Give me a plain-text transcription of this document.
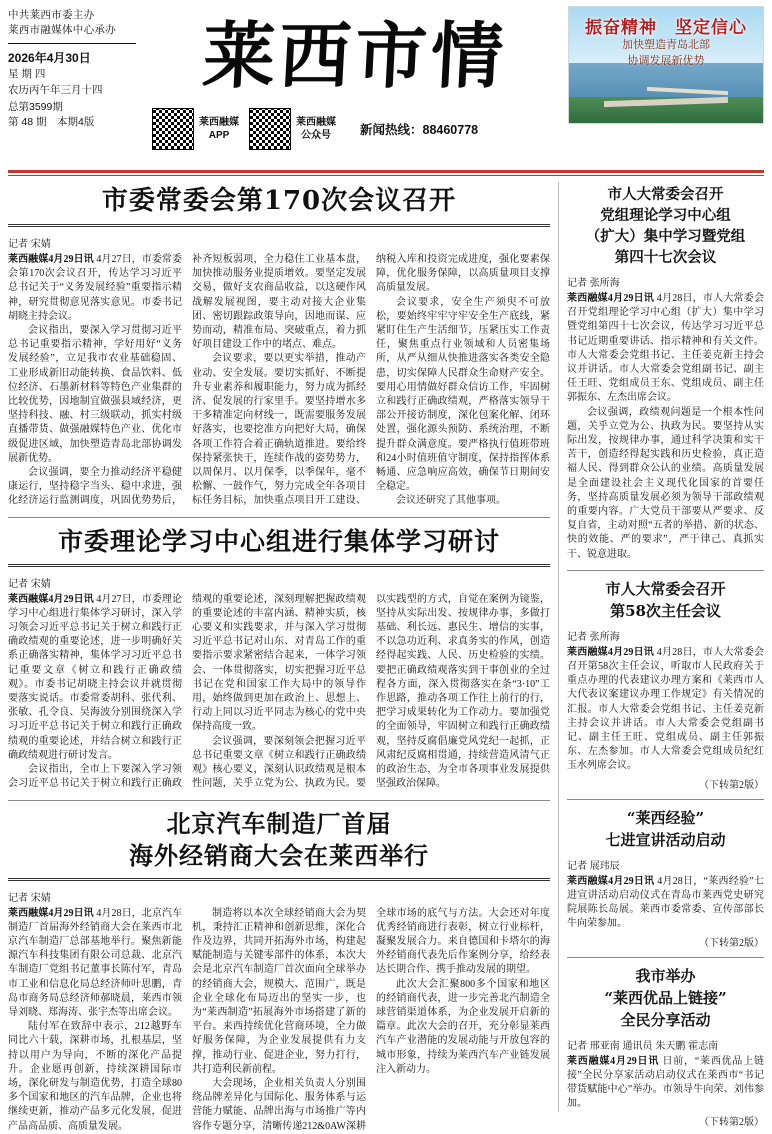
中共莱西市委主办
莱西市融媒体中心承办
2026年4月30日
星 期 四
农历丙午年三月十四
总第3599期
第 48 期　本期4版
莱西市情
莱西融媒
APP
莱西融媒
公众号	新闻热线：88460778
振奋精神　坚定信心
加快塑造青岛北部
协调发展新优势
市委常委会第170次会议召开
记者 宋婧

莱西融媒4月29日讯 4月27日，市委常委会第170次会议召开，传达学习习近平总书记关于“义务发展经验”重要指示精神，研究贯彻意见落实意见。市委书记胡晓主持会议。

会议指出，要深入学习贯彻习近平总书记重要指示精神，学好用好“义务发展经验”，立足我市农业基础稳固、工业形成新旧动能转换、食品饮料、低位经济、石墨新材料等特色产业集群的比较优势，因地制宜做强县域经济，更坚持科技、融、村三级联动，抓实村级直播带货、做强融媒特色产业、优化市级促进区域，加快塑造青岛北部协调发展新优势。

会议强调，要全力推动经济平稳健康运行，坚持稳字当头、稳中求进，强化经济运行监测调度，巩固优势势后，补齐短板弱项，全力稳住工业基本盘，加快推动服务业提质增效。要坚定发展交易，做好支农商品收益，以这硬作风战解发展视图，要主动对接大企业集团、密切跟踪政策导向，因地而谋、应势而动，精准布局、突破重点，着力抓好项目建设工作中的堵点、难点。

会议要求，要以更实举措，推动产业动、安全发展。要切实抓好、不断提升专业素养和履职能力，努力成为抓经济、促发展的行家里手。要坚持增水多干多精准定向材线一，既需要服务发展好落实，也要挖准方向把好大局，确保各项工作符合着正确轨道推进。要给终保持紧张快干，连续作战的姿势势力，以周保月、以月保季，以季保年，毫不松懈、一鼓作气，努力完成全年各项目标任务目标，加快重点项目开工建设、纳税入库和投资完成进度，强化要素保障，优化服务保障，以高质量项目支撑高质量发展。

会议要求，安全生产须臾不可放松，要始终牢牢守牢安全生产底线，紧紧盯住生产生活细节，压紧压实工作责任，聚焦重点行业领域和人员密集场所，从严从细从快推进落实各类安全隐患，切实保障人民群众生命财产安全。要用心用情做好群众信访工作，牢固树立和践行正确政绩观，严格落实领导干部公开接访制度，深化包案化解、闭环处置，强化源头预防、系统治理，不断提升群众满意度。要严格执行值班带班和24小时值班值守制度，保持指挥体系畅通、应急响应高效，确保节日期间安全稳定。

会议还研究了其他事项。

市委理论学习中心组进行集体学习研讨
记者 宋婧

莱西融媒4月29日讯 4月27日，市委理论学习中心组进行集体学习研讨，深入学习领会习近平总书记关于树立和践行正确政绩观的重要论述，进一步明确好关系正确落实精神，集体学习习近平总书记重要文章《树立和践行正确政绩观》。市委书记胡晓主持会议并就贯彻要落实说话。市委常委胡科、张代利、张敏、孔令良、吴海波分别围绕深入学习习近平总书记关于树立和践行正确政绩观的重要论述，并结合树立和践行正确政绩观进行研讨发言。

会议指出，全市上下要深入学习领会习近平总书记关于树立和践行正确政绩观的重要论述，深刻理解把握政绩观的重要论述的丰富内涵、精神实质，核心要义和实践要求，并与深入学习贯彻习近平总书记对山东、对青岛工作的重要指示要求紧密结合起来，一体学习领会、一体贯彻落实，切实把握习近平总书记在党和国家工作大局中的领导作用，始终做到更加在政治上、思想上、行动上同以习近平同志为核心的党中央保持高度一致。

会议强调，要深刻领会把握习近平总书记重要文章《树立和践行正确政绩观》核心要义，深刻认识政绩观是根本性问题，关乎立党为公、执政为民。要以实践型的方式，自觉在案例为镜鉴，坚持从实际出发、按规律办事，多做打基础、利长远、惠民生、增信的实事，不以急功近利、求真务实的作风，创造经得起实践、人民、历史检验的实绩。要把正确政绩观落实到干事创业的全过程各方面，深入贯彻落实在条“3·10”工作思路，推动各项工作往上前行的行，把学习成果转化为工作动力。要加强党的全面领导，牢固树立和践行正确政绩观，坚持反腐倡廉党风党纪一起抓，正风肃纪反腐相贯通，持续营造风清气正的政治生态，为全市各项事业发展提供坚强政治保障。

北京汽车制造厂首届
海外经销商大会在莱西举行
记者 宋婧

莱西融媒4月29日讯 4月28日，北京汽车制造厂首届海外经销商大会在莱西市北京汽车制造厂总部基地举行。聚焦新能源汽车科技集团有限公司总裁、北京汽车制造厂党组书记董事长陈付军，青岛市工业和信息化局总经济师叶思鹏，青岛市商务局总经济师郝晓晨，莱西市领导刘晓、郑海涛、张宇杰等出席会议。

陆付军在致辞中表示，212越野车同比六十载，深耕市场，扎根基层，坚持以用户为导向，不断的深化产品提升。企业愿再创新，持续深耕国际市场，深化研发与制造优势，打造全球80多个国家和地区的汽车品牌，企业也将继续更新，推动产品多元化发展，促进产品高品质、高质量发展。

制造将以本次全球经销商大会为契机，秉持汇正精神和创新思维，深化合作及边界，共同开拓海外市场，构建起赋能制造与关键零部件的体系，本次大会是北京汽车制造厂首次面向全球举办的经销商大会，规模大、范围广，既是企业全球化布局迈出的坚实一步，也为“莱西制造”拓展海外市场搭建了新的平台。来西持续优化营商环境，全力做好服务保障，为企业发展提供有力支撑，推动行业、促进企业，努力打行，共打造利民新前程。

大会现场，企业相关负责人分别围绕品牌差异化与国际化、服务体系与运营能力赋能、品牌出海与市场推广等内容作专题分享，清晰传递212&0AW深耕全球市场的底气与方法。大会还对年度优秀经销商进行表彰，树立行业标杆，凝聚发展合力。来自德国和卡塔尔的海外经销商代表先后作案例分享，给经表达长期合作、携手推动发展的期望。

此次大会汇聚800多个国家和地区的经销商代表，进一步完善北汽制造全球营销渠道体系，为企业发展开启新的篇章。此次大会的召开，充分彰显莱西汽车产业潜能的发展动能与开放包容的城市形象，持续为莱西汽车产业链发展注入新动力。

市人大常委会召开
党组理论学习中心组
（扩大）集中学习暨党组
第四十七次会议
记者 张所海

莱西融媒4月29日讯 4月28日，市人大常委会召开党组理论学习中心组（扩大）集中学习暨党组第四十七次会议，传达学习习近平总书记近期重要讲话、指示精神和有关文件。市人大常委会党组书记、主任姜克新主持会议并讲话。市人大常委会党组副书记、副主任王旺、党组成员王东、党组成员、副主任郭振东、左杰出席会议。

会议强调，政绩观问题是一个根本性问题，关乎立党为公、执政为民。要坚持从实际出发，按规律办事，通过科学决策和实干苦干，创造经得起实践和历史检验，真正造福人民、得到群众公认的业绩。高质量发展是全面建设社会主义现代化国家的首要任务，坚持高质量发展必须为领导干部政绩观的重要内容。广大党员干部要从严要求、反复自省，主动对照“五者的举措、新的状态、快的效能、严的要求”，严于律己、真抓实干、锐意进取。

市人大常委会召开
第58次主任会议
记者 张所海

莱西融媒4月29日讯 4月28日，市人大常委会召开第58次主任会议，听取市人民政府关于重点办理的代表建议办理方案和《莱西市人大代表议案建议办理工作规定》有关情况的汇报。市人大常委会党组书记、主任姜克新主持会议并讲话。市人大常委会党组副书记、副主任王旺、党组成员、副主任郭振东、左杰参加。市人大常委会党组成员纪红玉水列席会议。

（下转第2版）
“莱西经验”
七进宣讲活动启动
记者 展玮辰

莱西融媒4月29日讯 4月28日，“莱西经验”七进宣讲活动启动仪式在青岛市莱西党史研究院展陈长岛展。莱西市委常委、宣传部部长牛向荣参加。

（下转第2版）
我市举办
“莱西优品上链接”
全民分享活动
记者 邢亚南 通讯员 朱天鹏 霍志南

莱西融媒4月29日讯 日前，“莱西优品上链接”全民分享家活动启动仪式在莱西市“书记带货赋能中心”举办。市领导牛向荣、刘伟参加。

（下转第2版）
